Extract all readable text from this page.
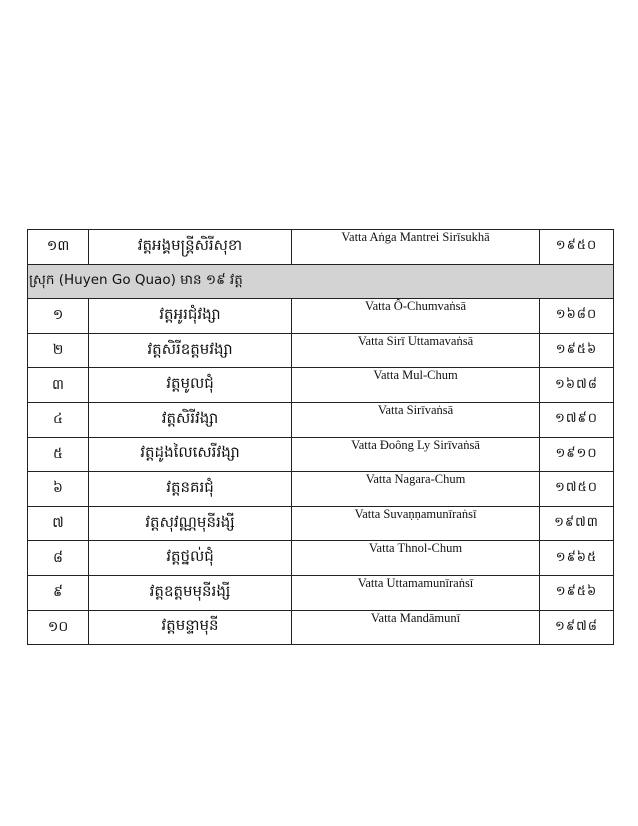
១៣	វត្តអង្គមន្ត្រីសិរីសុខា	Vatta Aṅga Mantrei Sirīsukhā	១៩៥០
ស្រុក (Huyen Go Quao) មាន ១៩ វត្ត			
១	វត្តអូរជុំវង្សា	Vatta Ô-Chumvaṅsā	១៦៨០
២	វត្តសិរីឧត្តមវង្សា	Vatta Sirī Uttamavaṅsā	១៩៥៦
៣	វត្តមូលជុំ	Vatta Mul-Chum	១៦៧៨
៤	វត្តសិរីវង្សា	Vatta Sirīvaṅsā	១៧៩០
៥	វត្តដូងលៃសេរីវង្សា	Vatta Đoông Ly Sirīvaṅsā	១៩១០
៦	វត្តនគរជុំ	Vatta Nagara-Chum	១៧៥០
៧	វត្តសុវណ្ណមុនីរង្សី	Vatta Suvaṇṇamunīraṅsī	១៩៧៣
៨	វត្តថ្នល់ជុំ	Vatta Thnol-Chum	១៩៦៥
៩	វត្តឧត្តមមុនីរង្សី	Vatta Uttamamunīraṅsī	១៩៥៦
១០	វត្តមន្ទាមុនី	Vatta Mandāmunī	១៩៧៨
